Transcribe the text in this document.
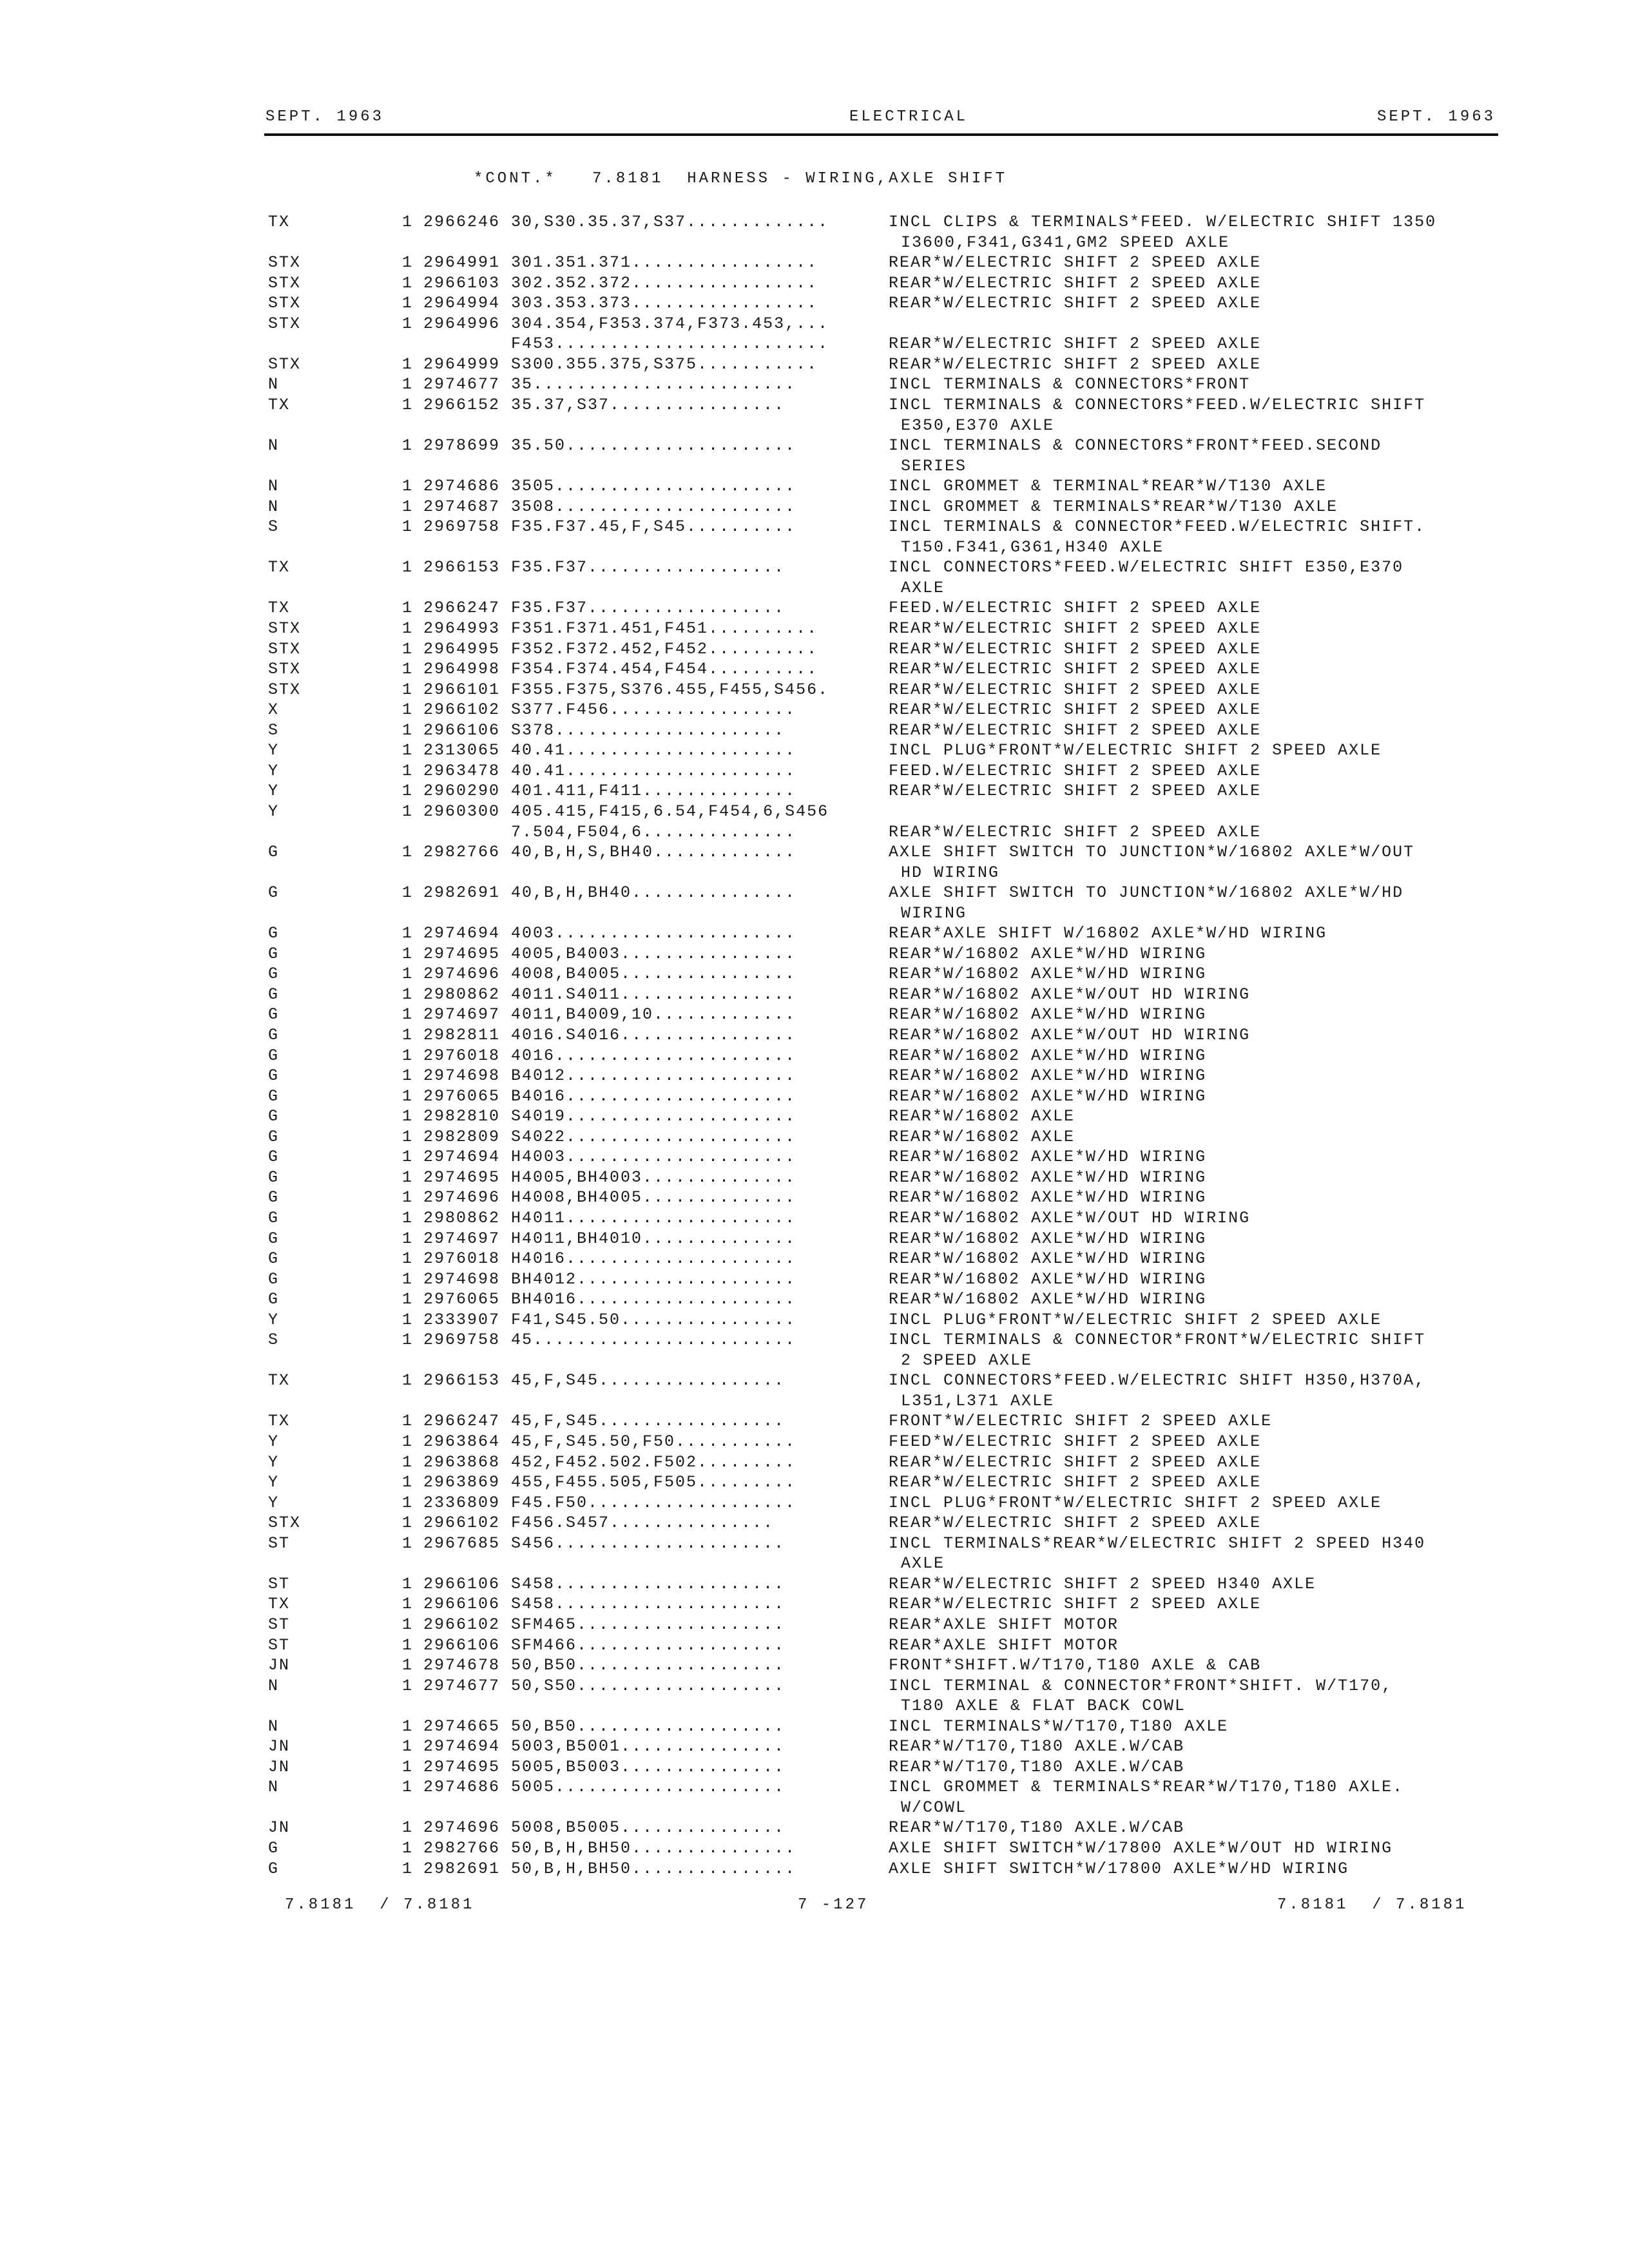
SEPT. 1963	ELECTRICAL	SEPT. 1963
*CONT.*   7.8181  HARNESS - WIRING,AXLE SHIFT
TX	1 2966246 30,S30.35.37,S37.............	INCL CLIPS & TERMINALS*FEED. W/ELECTRIC SHIFT 1350
I3600,F341,G341,GM2 SPEED AXLE
STX	1 2964991 301.351.371.................	REAR*W/ELECTRIC SHIFT 2 SPEED AXLE
STX	1 2966103 302.352.372.................	REAR*W/ELECTRIC SHIFT 2 SPEED AXLE
STX	1 2964994 303.353.373.................	REAR*W/ELECTRIC SHIFT 2 SPEED AXLE
STX	1 2964996 304.354,F353.374,F373.453,...
F453.........................	REAR*W/ELECTRIC SHIFT 2 SPEED AXLE
STX	1 2964999 S300.355.375,S375...........	REAR*W/ELECTRIC SHIFT 2 SPEED AXLE
N	1 2974677 35........................	INCL TERMINALS & CONNECTORS*FRONT
TX	1 2966152 35.37,S37................	INCL TERMINALS & CONNECTORS*FEED.W/ELECTRIC SHIFT
E350,E370 AXLE
N	1 2978699 35.50.....................	INCL TERMINALS & CONNECTORS*FRONT*FEED.SECOND
SERIES
N	1 2974686 3505......................	INCL GROMMET & TERMINAL*REAR*W/T130 AXLE
N	1 2974687 3508......................	INCL GROMMET & TERMINALS*REAR*W/T130 AXLE
S	1 2969758 F35.F37.45,F,S45..........	INCL TERMINALS & CONNECTOR*FEED.W/ELECTRIC SHIFT.
T150.F341,G361,H340 AXLE
TX	1 2966153 F35.F37..................	INCL CONNECTORS*FEED.W/ELECTRIC SHIFT E350,E370
AXLE
TX	1 2966247 F35.F37..................	FEED.W/ELECTRIC SHIFT 2 SPEED AXLE
STX	1 2964993 F351.F371.451,F451..........	REAR*W/ELECTRIC SHIFT 2 SPEED AXLE
STX	1 2964995 F352.F372.452,F452..........	REAR*W/ELECTRIC SHIFT 2 SPEED AXLE
STX	1 2964998 F354.F374.454,F454..........	REAR*W/ELECTRIC SHIFT 2 SPEED AXLE
STX	1 2966101 F355.F375,S376.455,F455,S456.	REAR*W/ELECTRIC SHIFT 2 SPEED AXLE
X	1 2966102 S377.F456.................	REAR*W/ELECTRIC SHIFT 2 SPEED AXLE
S	1 2966106 S378.....................	REAR*W/ELECTRIC SHIFT 2 SPEED AXLE
Y	1 2313065 40.41.....................	INCL PLUG*FRONT*W/ELECTRIC SHIFT 2 SPEED AXLE
Y	1 2963478 40.41.....................	FEED.W/ELECTRIC SHIFT 2 SPEED AXLE
Y	1 2960290 401.411,F411..............	REAR*W/ELECTRIC SHIFT 2 SPEED AXLE
Y	1 2960300 405.415,F415,6.54,F454,6,S456
7.504,F504,6..............	REAR*W/ELECTRIC SHIFT 2 SPEED AXLE
G	1 2982766 40,B,H,S,BH40.............	AXLE SHIFT SWITCH TO JUNCTION*W/16802 AXLE*W/OUT
HD WIRING
G	1 2982691 40,B,H,BH40...............	AXLE SHIFT SWITCH TO JUNCTION*W/16802 AXLE*W/HD
WIRING
G	1 2974694 4003......................	REAR*AXLE SHIFT W/16802 AXLE*W/HD WIRING
G	1 2974695 4005,B4003................	REAR*W/16802 AXLE*W/HD WIRING
G	1 2974696 4008,B4005................	REAR*W/16802 AXLE*W/HD WIRING
G	1 2980862 4011.S4011................	REAR*W/16802 AXLE*W/OUT HD WIRING
G	1 2974697 4011,B4009,10.............	REAR*W/16802 AXLE*W/HD WIRING
G	1 2982811 4016.S4016................	REAR*W/16802 AXLE*W/OUT HD WIRING
G	1 2976018 4016......................	REAR*W/16802 AXLE*W/HD WIRING
G	1 2974698 B4012.....................	REAR*W/16802 AXLE*W/HD WIRING
G	1 2976065 B4016.....................	REAR*W/16802 AXLE*W/HD WIRING
G	1 2982810 S4019.....................	REAR*W/16802 AXLE
G	1 2982809 S4022.....................	REAR*W/16802 AXLE
G	1 2974694 H4003.....................	REAR*W/16802 AXLE*W/HD WIRING
G	1 2974695 H4005,BH4003..............	REAR*W/16802 AXLE*W/HD WIRING
G	1 2974696 H4008,BH4005..............	REAR*W/16802 AXLE*W/HD WIRING
G	1 2980862 H4011.....................	REAR*W/16802 AXLE*W/OUT HD WIRING
G	1 2974697 H4011,BH4010..............	REAR*W/16802 AXLE*W/HD WIRING
G	1 2976018 H4016.....................	REAR*W/16802 AXLE*W/HD WIRING
G	1 2974698 BH4012....................	REAR*W/16802 AXLE*W/HD WIRING
G	1 2976065 BH4016....................	REAR*W/16802 AXLE*W/HD WIRING
Y	1 2333907 F41,S45.50................	INCL PLUG*FRONT*W/ELECTRIC SHIFT 2 SPEED AXLE
S	1 2969758 45........................	INCL TERMINALS & CONNECTOR*FRONT*W/ELECTRIC SHIFT
2 SPEED AXLE
TX	1 2966153 45,F,S45.................	INCL CONNECTORS*FEED.W/ELECTRIC SHIFT H350,H370A,
L351,L371 AXLE
TX	1 2966247 45,F,S45.................	FRONT*W/ELECTRIC SHIFT 2 SPEED AXLE
Y	1 2963864 45,F,S45.50,F50...........	FEED*W/ELECTRIC SHIFT 2 SPEED AXLE
Y	1 2963868 452,F452.502.F502.........	REAR*W/ELECTRIC SHIFT 2 SPEED AXLE
Y	1 2963869 455,F455.505,F505.........	REAR*W/ELECTRIC SHIFT 2 SPEED AXLE
Y	1 2336809 F45.F50...................	INCL PLUG*FRONT*W/ELECTRIC SHIFT 2 SPEED AXLE
STX	1 2966102 F456.S457...............	REAR*W/ELECTRIC SHIFT 2 SPEED AXLE
ST	1 2967685 S456.....................	INCL TERMINALS*REAR*W/ELECTRIC SHIFT 2 SPEED H340
AXLE
ST	1 2966106 S458.....................	REAR*W/ELECTRIC SHIFT 2 SPEED H340 AXLE
TX	1 2966106 S458.....................	REAR*W/ELECTRIC SHIFT 2 SPEED AXLE
ST	1 2966102 SFM465...................	REAR*AXLE SHIFT MOTOR
ST	1 2966106 SFM466...................	REAR*AXLE SHIFT MOTOR
JN	1 2974678 50,B50...................	FRONT*SHIFT.W/T170,T180 AXLE & CAB
N	1 2974677 50,S50...................	INCL TERMINAL & CONNECTOR*FRONT*SHIFT. W/T170,
T180 AXLE & FLAT BACK COWL
N	1 2974665 50,B50...................	INCL TERMINALS*W/T170,T180 AXLE
JN	1 2974694 5003,B5001...............	REAR*W/T170,T180 AXLE.W/CAB
JN	1 2974695 5005,B5003...............	REAR*W/T170,T180 AXLE.W/CAB
N	1 2974686 5005.....................	INCL GROMMET & TERMINALS*REAR*W/T170,T180 AXLE.
W/COWL
JN	1 2974696 5008,B5005...............	REAR*W/T170,T180 AXLE.W/CAB
G	1 2982766 50,B,H,BH50...............	AXLE SHIFT SWITCH*W/17800 AXLE*W/OUT HD WIRING
G	1 2982691 50,B,H,BH50...............	AXLE SHIFT SWITCH*W/17800 AXLE*W/HD WIRING
7.8181  / 7.8181	7 -127	7.8181  / 7.8181
